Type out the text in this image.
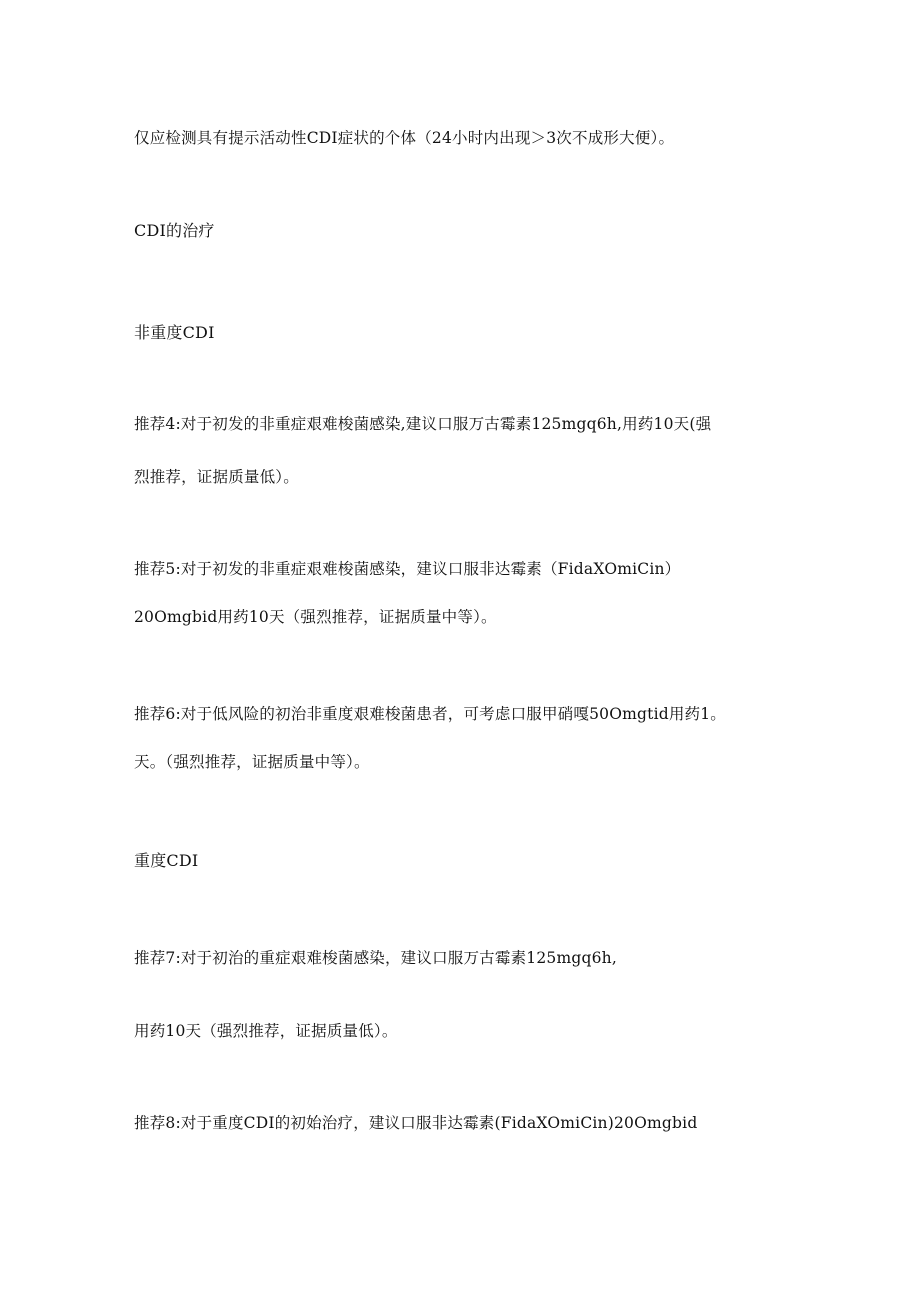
仅应检测具有提示活动性CDI症状的个体（24小时内出现＞3次不成形大便）。
CDI的治疗
非重度CDI
推荐4:对于初发的非重症艰难梭菌感染,建议口服万古霉素125mgq6h,用药10天(强
烈推荐，证据质量低）。
推荐5:对于初发的非重症艰难梭菌感染，建议口服非达霉素（FidaXOmiCin）
20Omgbid用药10天（强烈推荐，证据质量中等）。
推荐6:对于低风险的初治非重度艰难梭菌患者，可考虑口服甲硝嘎50Omgtid用药1。
天。（强烈推荐，证据质量中等）。
重度CDI
推荐7:对于初治的重症艰难梭菌感染，建议口服万古霉素125mgq6h,
用药10天（强烈推荐，证据质量低）。
推荐8:对于重度CDI的初始治疗，建议口服非达霉素(FidaXOmiCin)20Omgbid
